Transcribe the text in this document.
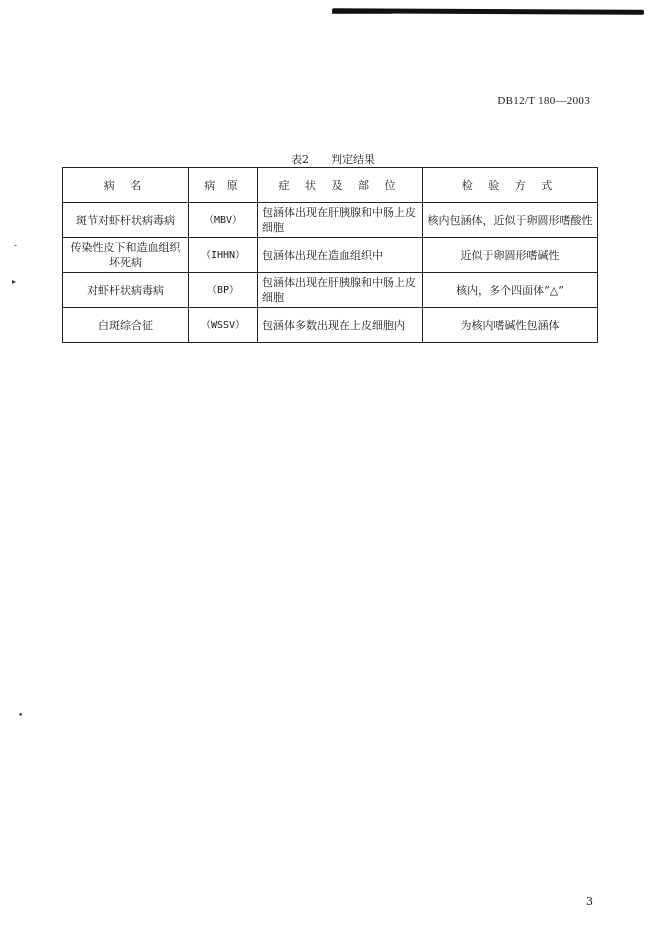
DB12/T 180—2003
表2 判定结果
病 名	病 原	症 状 及 部 位	检 验 方 式
斑节对虾杆状病毒病	（MBV）	包涵体出现在肝胰腺和中肠上皮细胞	核内包涵体，近似于卵圆形嗜酸性
传染性皮下和造血组织坏死病	（IHHN）	包涵体出现在造血组织中	近似于卵圆形嗜碱性
对虾杆状病毒病	（BP）	包涵体出现在肝胰腺和中肠上皮细胞	核内，多个四面体“△”
白斑综合征	（WSSV）	包涵体多数出现在上皮细胞内	为核内嗜碱性包涵体
-
▸
•
3
